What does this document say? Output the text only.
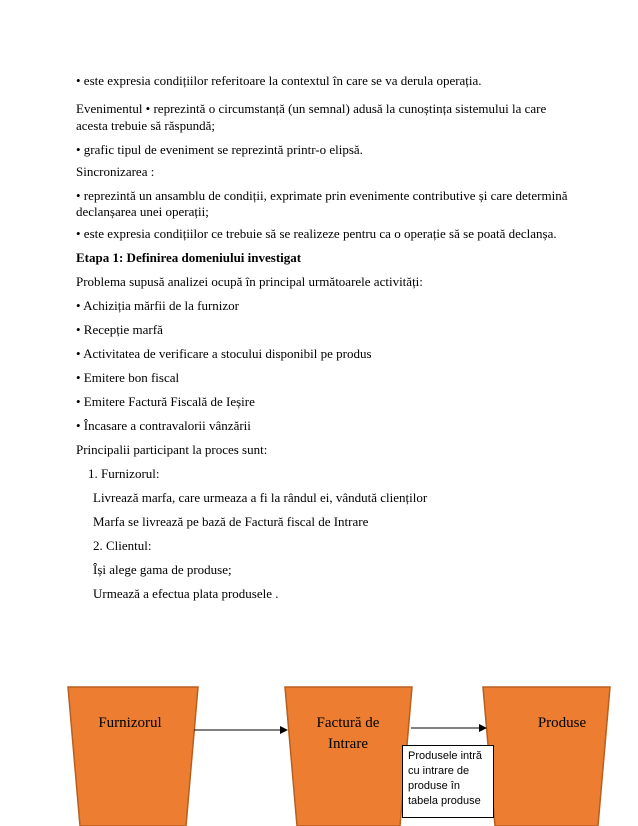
• este expresia condițiilor referitoare la contextul în care se va derula operația.
Evenimentul • reprezintă o circumstanță (un semnal) adusă la cunoștința sistemului la care
acesta trebuie să răspundă;
• grafic tipul de eveniment se reprezintă printr-o elipsă.
Sincronizarea :
• reprezintă un ansamblu de condiții, exprimate prin evenimente contributive și care determină
declanșarea unei operații;
• este expresia condițiilor ce trebuie să se realizeze pentru ca o operație să se poată declanșa.
Etapa 1: Definirea domeniului investigat
Problema supusă analizei ocupă în principal următoarele activități:
• Achiziția mărfii de la furnizor
• Recepție marfă
• Activitatea de verificare a stocului disponibil pe produs
• Emitere bon fiscal
• Emitere Factură Fiscală de Ieșire
• Încasare a contravalorii vânzării
Principalii participant la proces sunt:
1. Furnizorul:
Livrează marfa, care urmeaza a fi la rândul ei, vândută clienților
Marfa se livrează pe bază de Factură fiscal de Intrare
2. Clientul:
Își alege gama de produse;
Urmează a efectua plata produsele .
Furnizorul	Factură de
Intrare
Produse
Produsele intră
cu intrare de
produse în
tabela produse
